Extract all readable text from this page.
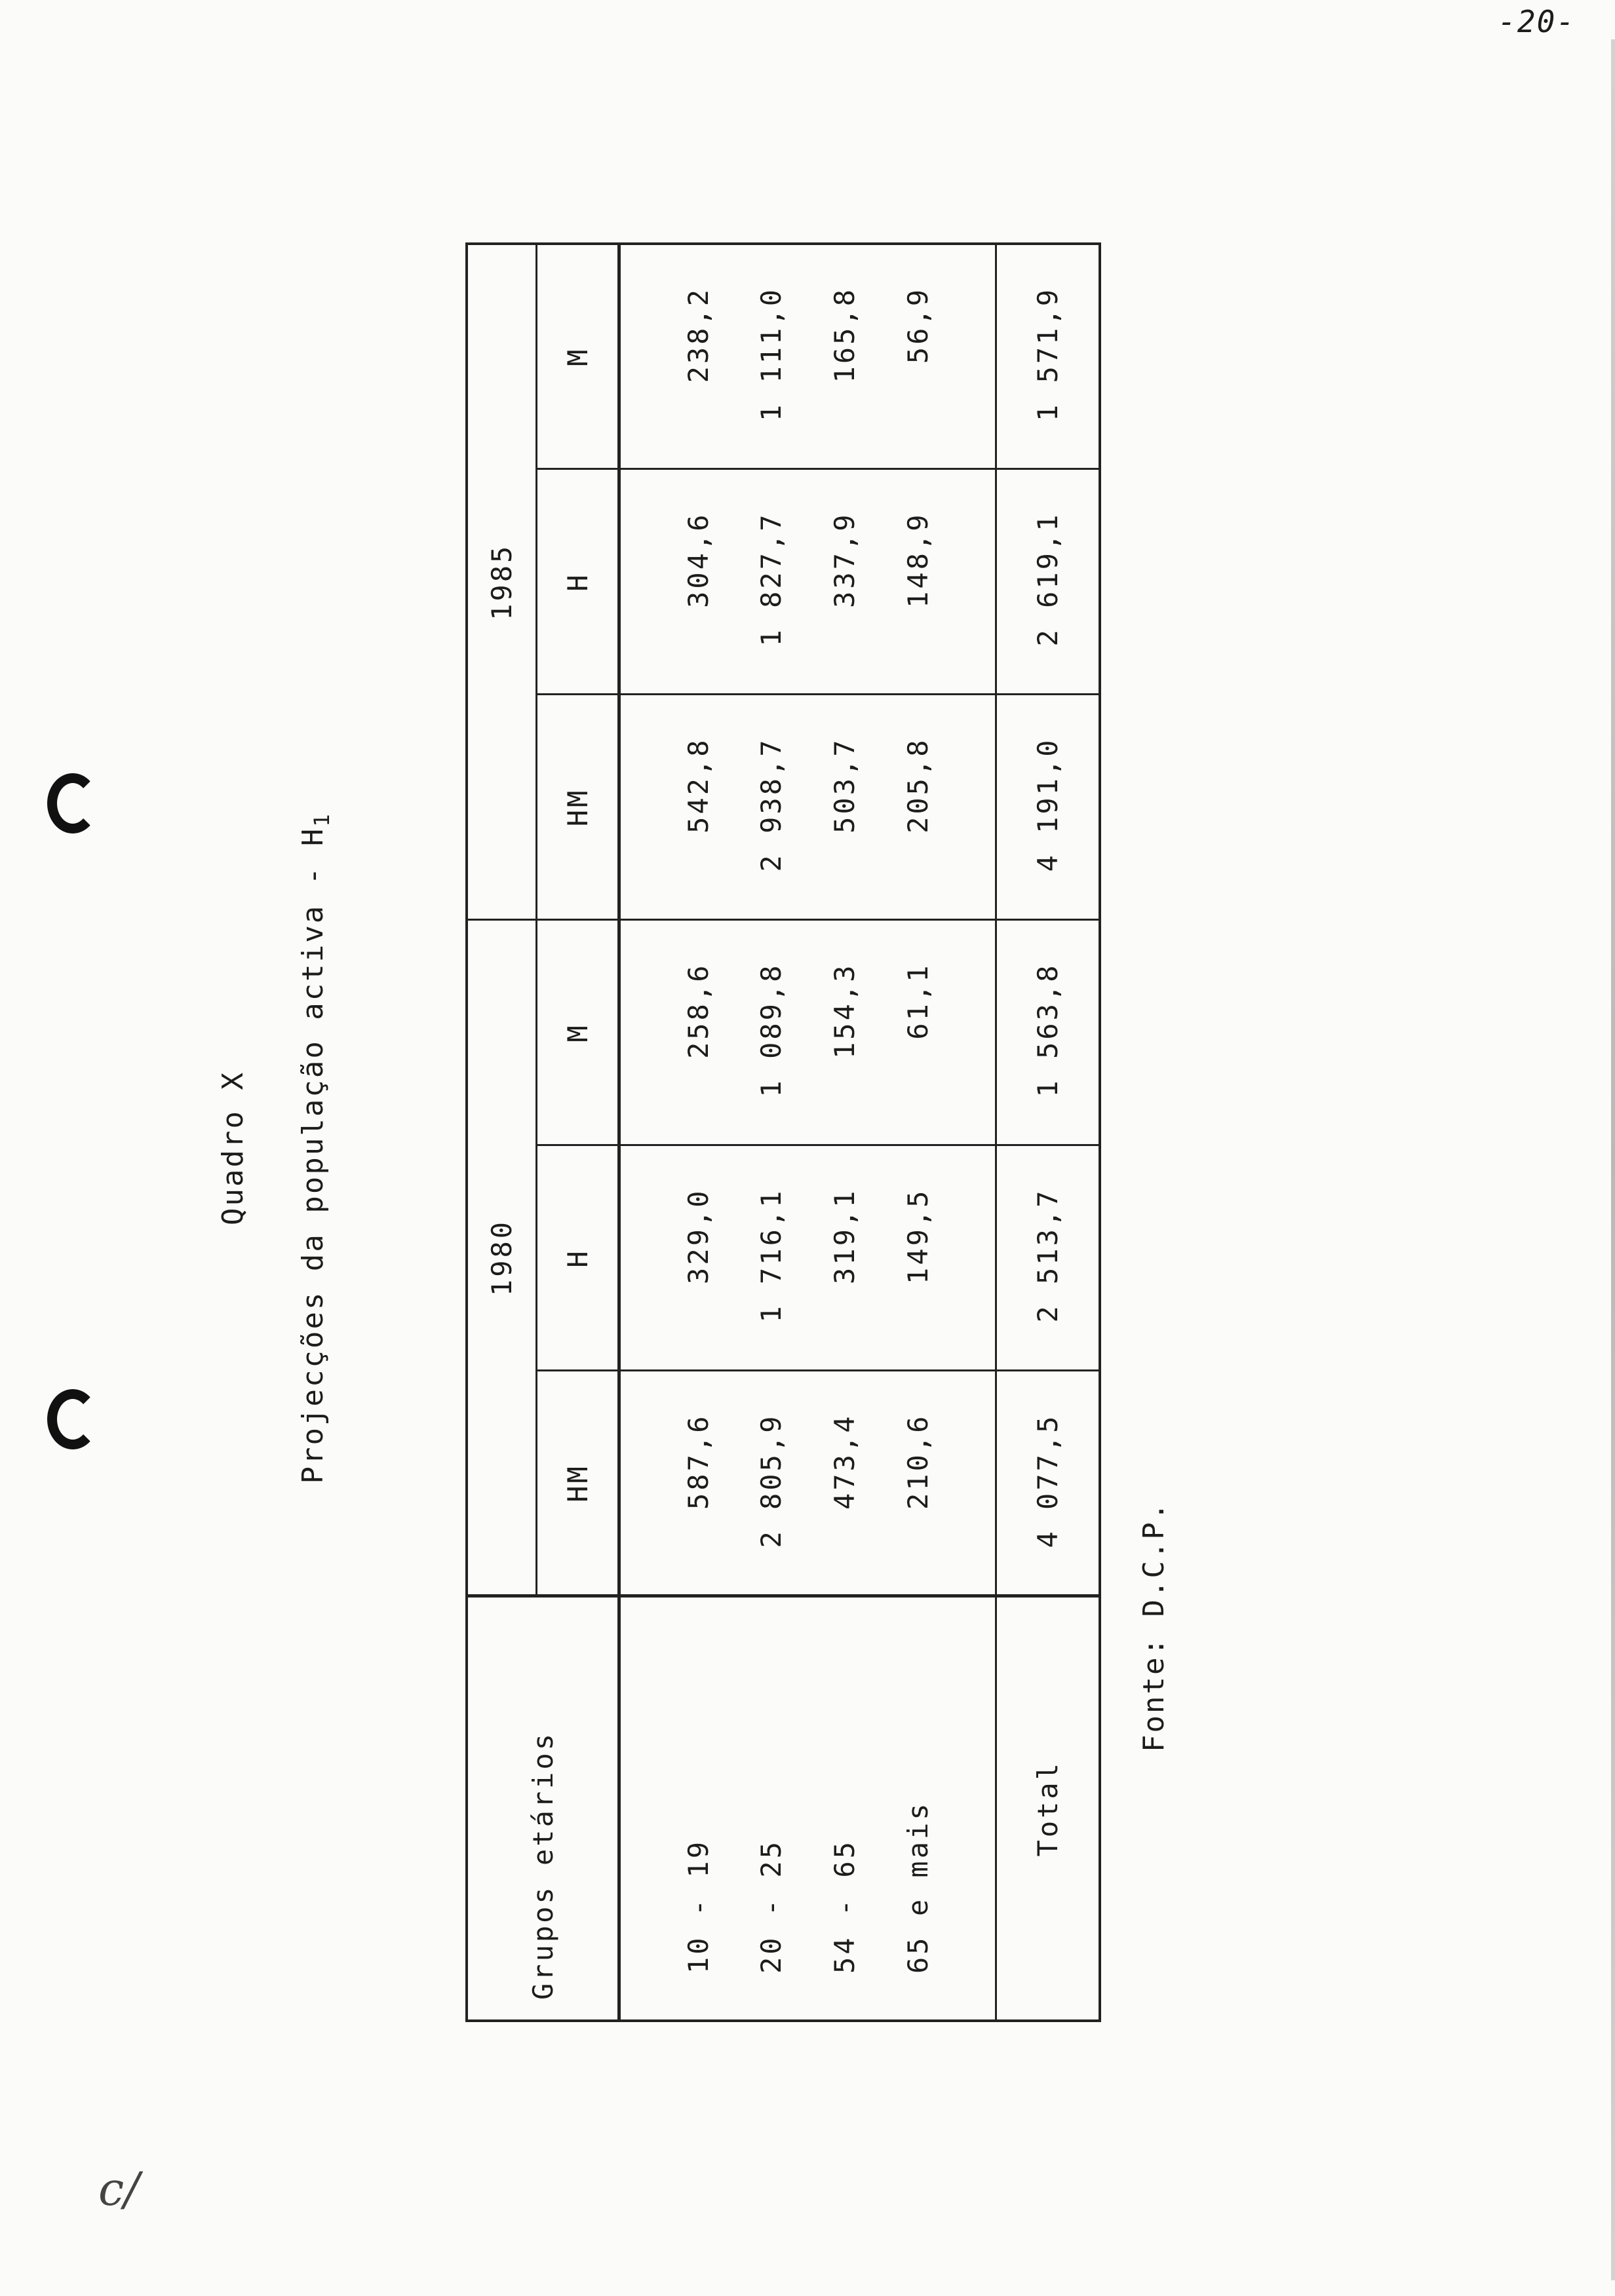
-20-
Quadro X Projecções da população activa - $H_1$
Grupos etários	1980			1985		
	HM	H	M	HM	H	M

10 - 19	587,6	329,0	258,6	542,8	304,6	238,2
20 - 25	2 805,9	1 716,1	1 089,8	2 938,7	1 827,7	1 111,0
54 - 65	473,4	319,1	154,3	503,7	337,9	165,8
65 e mais	210,6	149,5	61,1	205,8	148,9	56,9

Total	4 077,5	2 513,7	1 563,8	4 191,0	2 619,1	1 571,9
Fonte: D.C.P.
c/
